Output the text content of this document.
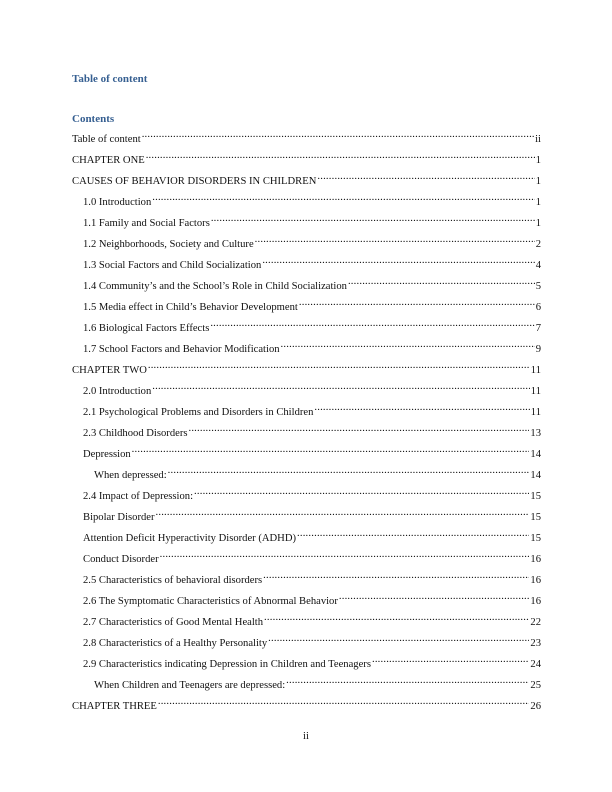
Table of content
Contents
Table of content .....	ii
CHAPTER ONE .....	1
CAUSES OF BEHAVIOR DISORDERS IN CHILDREN .....	1
1.0 Introduction .....	1
1.1 Family and Social Factors .....	1
1.2 Neighborhoods, Society and Culture .....	2
1.3 Social Factors and Child Socialization .....	4
1.4 Community’s and the School’s Role in Child Socialization .....	5
1.5 Media effect in Child’s Behavior Development .....	6
1.6 Biological Factors Effects .....	7
1.7 School Factors and Behavior Modification .....	9
CHAPTER TWO .....	11
2.0 Introduction .....	11
2.1 Psychological Problems and Disorders in Children .....	11
2.3 Childhood Disorders .....	13
Depression .....	14
When depressed: .....	14
2.4 Impact of Depression: .....	15
Bipolar Disorder .....	15
Attention Deficit Hyperactivity Disorder (ADHD) .....	15
Conduct Disorder .....	16
2.5 Characteristics of behavioral disorders .....	16
2.6 The Symptomatic Characteristics of Abnormal Behavior .....	16
2.7 Characteristics of Good Mental Health .....	22
2.8 Characteristics of a Healthy Personality .....	23
2.9 Characteristics indicating Depression in Children and Teenagers .....	24
When Children and Teenagers are depressed: .....	25
CHAPTER THREE .....	26
ii
